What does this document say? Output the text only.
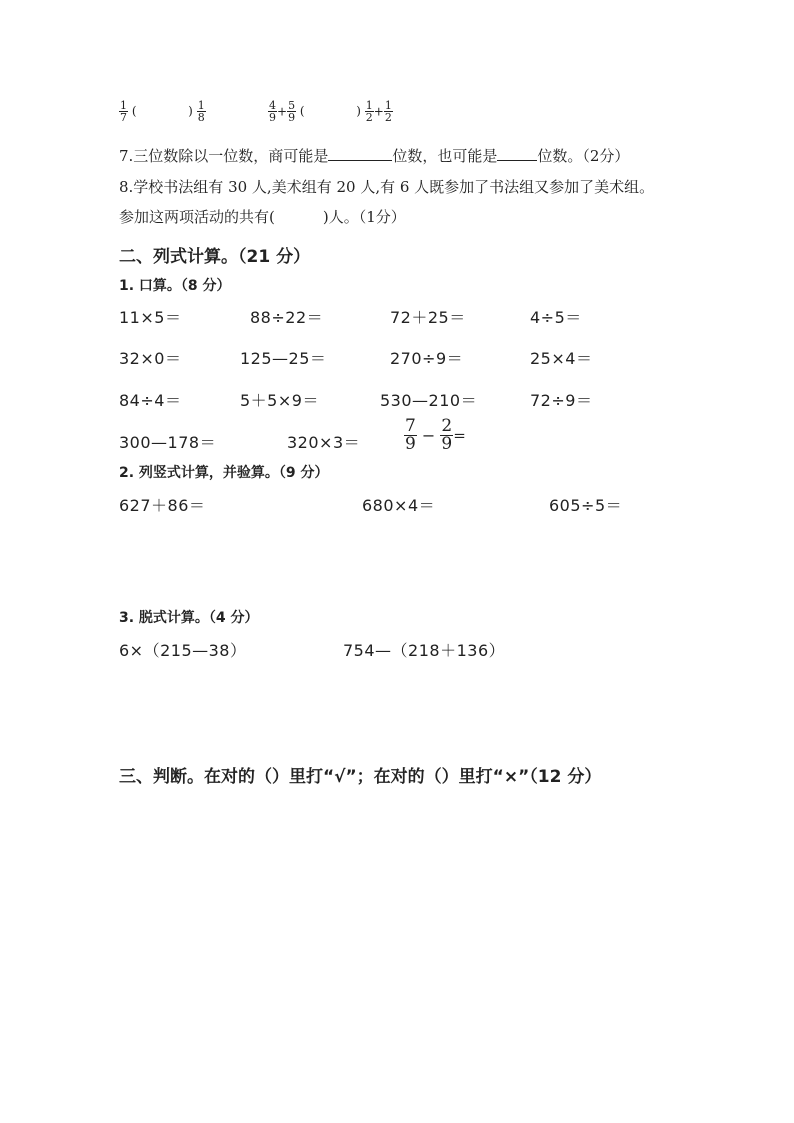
$\frac{1}{7}$ (	) $\frac{1}{8}$	$\frac{4}{9} + \frac{5}{9}$ (	) $\frac{1}{2} + \frac{1}{2}$
7.三位数除以一位数，商可能是	位数，也可能是	位数。（2分）
8.学校书法组有 30 人,美术组有 20 人,有 6 人既参加了书法组又参加了美术组。
参加这两项活动的共有(	)人。（1分）
二、列式计算。（21 分）
1. 口算。（8 分）
11×5＝	88÷22＝	72＋25＝	4÷5＝
32×0＝	125—25＝	270÷9＝	25×4＝
84÷4＝	5＋5×9＝	530—210＝	72÷9＝
300—178＝	320×3＝	$\frac{7}{9} - \frac{2}{9}$ =
2. 列竖式计算，并验算。（9 分）
627＋86＝	680×4＝	605÷5＝
3. 脱式计算。（4 分）
6×（215—38）	754—（218＋136）
三、判断。在对的（）里打“√”；在对的（）里打“×”（12 分）
